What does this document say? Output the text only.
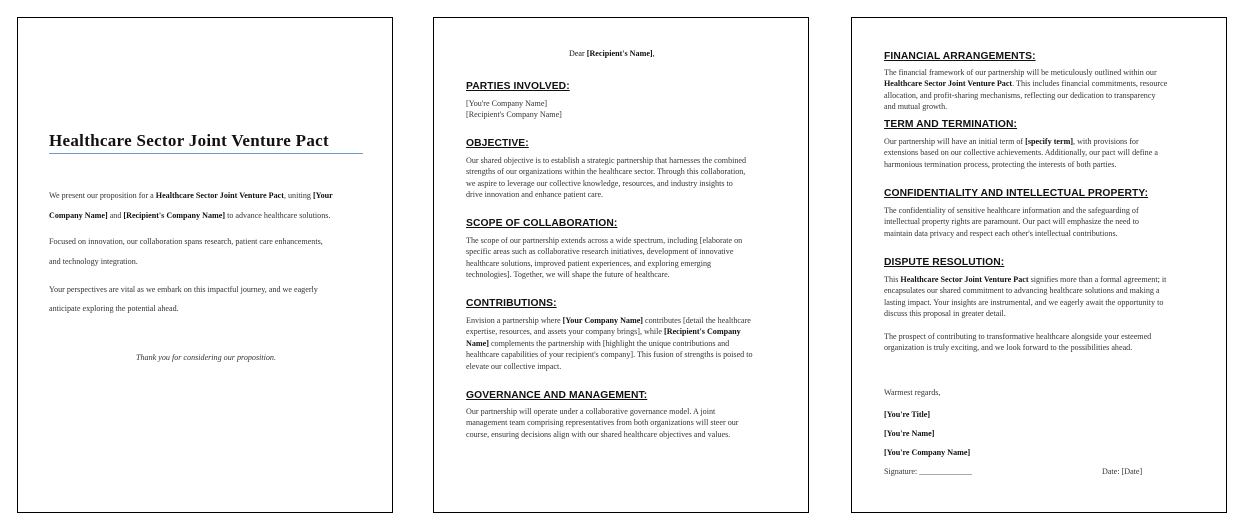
Healthcare Sector Joint Venture Pact
We present our proposition for a Healthcare Sector Joint Venture Pact, uniting [Your
Company Name] and [Recipient's Company Name] to advance healthcare solutions.
Focused on innovation, our collaboration spans research, patient care enhancements,
and technology integration.
Your perspectives are vital as we embark on this impactful journey, and we eagerly
anticipate exploring the potential ahead.
Thank you for considering our proposition.
Dear [Recipient's Name],
PARTIES INVOLVED:
[You're Company Name]
[Recipient's Company Name]
OBJECTIVE:
Our shared objective is to establish a strategic partnership that harnesses the combined
strengths of our organizations within the healthcare sector. Through this collaboration,
we aspire to leverage our collective knowledge, resources, and industry insights to
drive innovation and enhance patient care.
SCOPE OF COLLABORATION:
The scope of our partnership extends across a wide spectrum, including [elaborate on
specific areas such as collaborative research initiatives, development of innovative
healthcare solutions, improved patient experiences, and exploring emerging
technologies]. Together, we will shape the future of healthcare.
CONTRIBUTIONS:
Envision a partnership where [Your Company Name] contributes [detail the healthcare
expertise, resources, and assets your company brings], while [Recipient's Company
Name] complements the partnership with [highlight the unique contributions and
healthcare capabilities of your recipient's company]. This fusion of strengths is poised to
elevate our collective impact.
GOVERNANCE AND MANAGEMENT:
Our partnership will operate under a collaborative governance model. A joint
management team comprising representatives from both organizations will steer our
course, ensuring decisions align with our shared healthcare objectives and values.
FINANCIAL ARRANGEMENTS:
The financial framework of our partnership will be meticulously outlined within our
Healthcare Sector Joint Venture Pact. This includes financial commitments, resource
allocation, and profit-sharing mechanisms, reflecting our dedication to transparency
and mutual growth.
TERM AND TERMINATION:
Our partnership will have an initial term of [specify term], with provisions for
extensions based on our collective achievements. Additionally, our pact will define a
harmonious termination process, protecting the interests of both parties.
CONFIDENTIALITY AND INTELLECTUAL PROPERTY:
The confidentiality of sensitive healthcare information and the safeguarding of
intellectual property rights are paramount. Our pact will emphasize the need to
maintain data privacy and respect each other's intellectual contributions.
DISPUTE RESOLUTION:
This Healthcare Sector Joint Venture Pact signifies more than a formal agreement; it
encapsulates our shared commitment to advancing healthcare solutions and making a
lasting impact. Your insights are instrumental, and we eagerly await the opportunity to
discuss this proposal in greater detail.
The prospect of contributing to transformative healthcare alongside your esteemed
organization is truly exciting, and we look forward to the possibilities ahead.
Warmest regards,
[You're Title]
[You're Name]
[You're Company Name]
Signature: _____________	Date: [Date]
